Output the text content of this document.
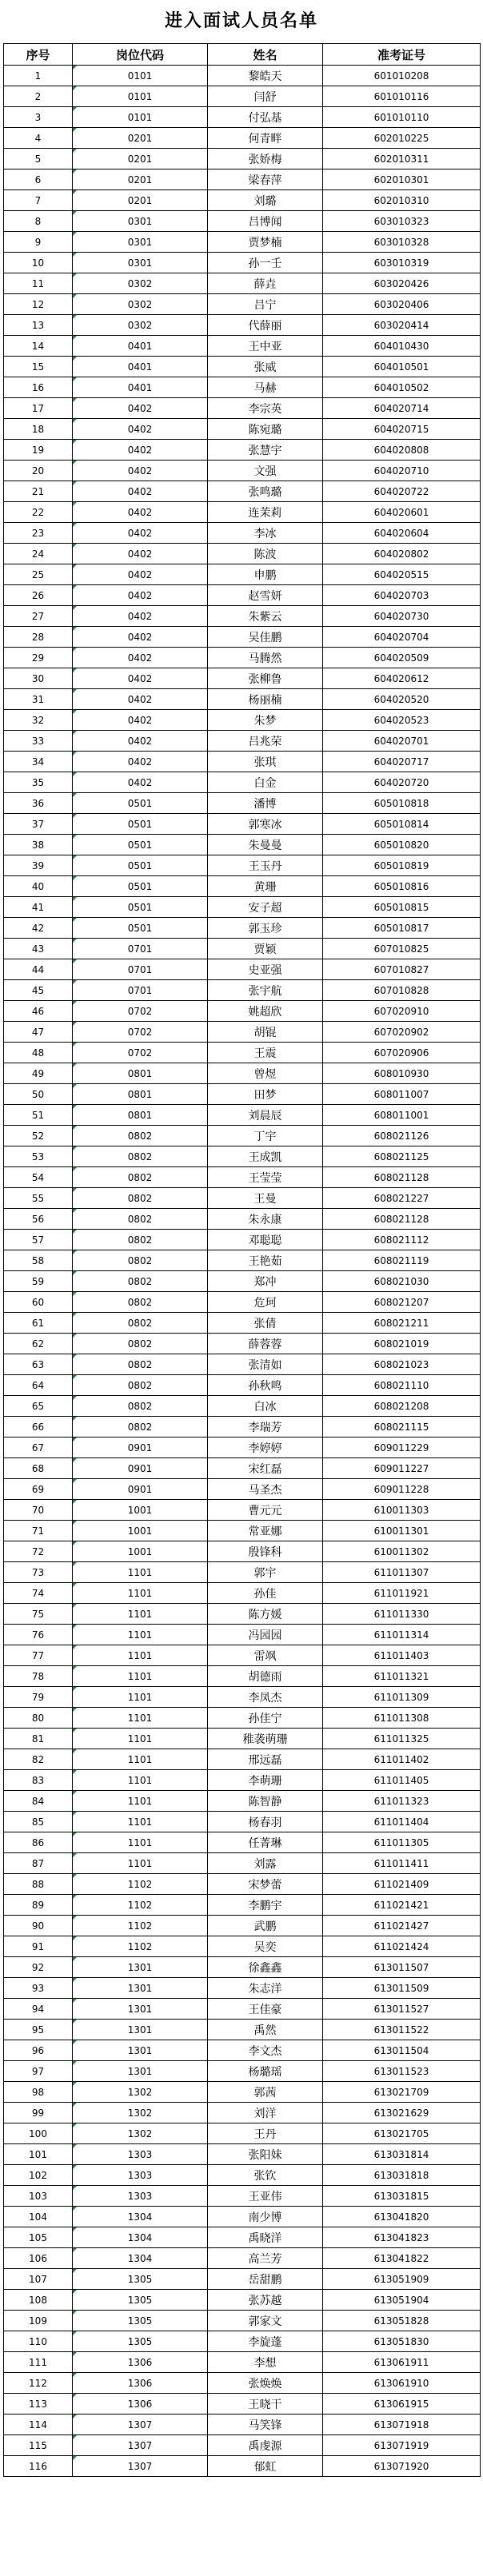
进入面试人员名单
序号	岗位代码	姓名	准考证号
1	0101	黎皓天	601010208
2	0101	闫舒	601010116
3	0101	付弘基	601010110
4	0201	何青畔	602010225
5	0201	张娇梅	602010311
6	0201	梁春萍	602010301
7	0201	刘璐	602010310
8	0301	吕博闻	603010323
9	0301	贾梦楠	603010328
10	0301	孙一壬	603010319
11	0302	薛垚	603020426
12	0302	吕宁	603020406
13	0302	代薛丽	603020414
14	0401	王中亚	604010430
15	0401	张威	604010501
16	0401	马赫	604010502
17	0402	李宗英	604020714
18	0402	陈宛璐	604020715
19	0402	张慧宇	604020808
20	0402	文强	604020710
21	0402	张鸣璐	604020722
22	0402	连茉莉	604020601
23	0402	李冰	604020604
24	0402	陈波	604020802
25	0402	申鹏	604020515
26	0402	赵雪妍	604020703
27	0402	朱紫云	604020730
28	0402	吴佳鹏	604020704
29	0402	马腾然	604020509
30	0402	张柳鲁	604020612
31	0402	杨丽楠	604020520
32	0402	朱梦	604020523
33	0402	吕兆荣	604020701
34	0402	张琪	604020717
35	0402	白金	604020720
36	0501	潘博	605010818
37	0501	郭寒冰	605010814
38	0501	朱曼曼	605010820
39	0501	王玉丹	605010819
40	0501	黄珊	605010816
41	0501	安子超	605010815
42	0501	郭玉珍	605010817
43	0701	贾颖	607010825
44	0701	史亚强	607010827
45	0701	张宇航	607010828
46	0702	姚超欣	607020910
47	0702	胡锟	607020902
48	0702	王震	607020906
49	0801	曾煜	608010930
50	0801	田梦	608011007
51	0801	刘晨辰	608011001
52	0802	丁宇	608021126
53	0802	王成凯	608021125
54	0802	王莹莹	608021128
55	0802	王曼	608021227
56	0802	朱永康	608021128
57	0802	邓聪聪	608021112
58	0802	王艳茹	608021119
59	0802	郑冲	608021030
60	0802	危珂	608021207
61	0802	张倩	608021211
62	0802	薛蓉蓉	608021019
63	0802	张清如	608021023
64	0802	孙秋鸣	608021110
65	0802	白冰	608021208
66	0802	李瑞芳	608021115
67	0901	李婷婷	609011229
68	0901	宋红磊	609011227
69	0901	马圣杰	609011228
70	1001	曹元元	610011303
71	1001	常亚娜	610011301
72	1001	殷锋科	610011302
73	1101	郭宇	611011307
74	1101	孙佳	611011921
75	1101	陈方媛	611011330
76	1101	冯园园	611011314
77	1101	雷飒	611011403
78	1101	胡德雨	611011321
79	1101	李凤杰	611011309
80	1101	孙佳宁	611011308
81	1101	稚袭萌珊	611011325
82	1101	邢远磊	611011402
83	1101	李萌珊	611011405
84	1101	陈智静	611011323
85	1101	杨春羽	611011404
86	1101	任菁琳	611011305
87	1101	刘露	611011411
88	1102	宋梦蕾	611021409
89	1102	李鹏宇	611021421
90	1102	武鹏	611021427
91	1102	吴奕	611021424
92	1301	徐鑫鑫	613011507
93	1301	朱志洋	613011509
94	1301	王佳豪	613011527
95	1301	禹然	613011522
96	1301	李文杰	613011504
97	1301	杨璐瑶	613011523
98	1302	郭茜	613021709
99	1302	刘洋	613021629
100	1302	王丹	613021705
101	1303	张阳妹	613031814
102	1303	张钦	613031818
103	1303	王亚伟	613031815
104	1304	南少博	613041820
105	1304	禹晓洋	613041823
106	1304	高兰芳	613041822
107	1305	岳甜鹏	613051909
108	1305	张苏越	613051904
109	1305	郭家文	613051828
110	1305	李旋蓬	613051830
111	1306	李想	613061911
112	1306	张焕焕	613061910
113	1306	王晓干	613061915
114	1307	马笑锋	613071918
115	1307	禹虔源	613071919
116	1307	郁虹	613071920
